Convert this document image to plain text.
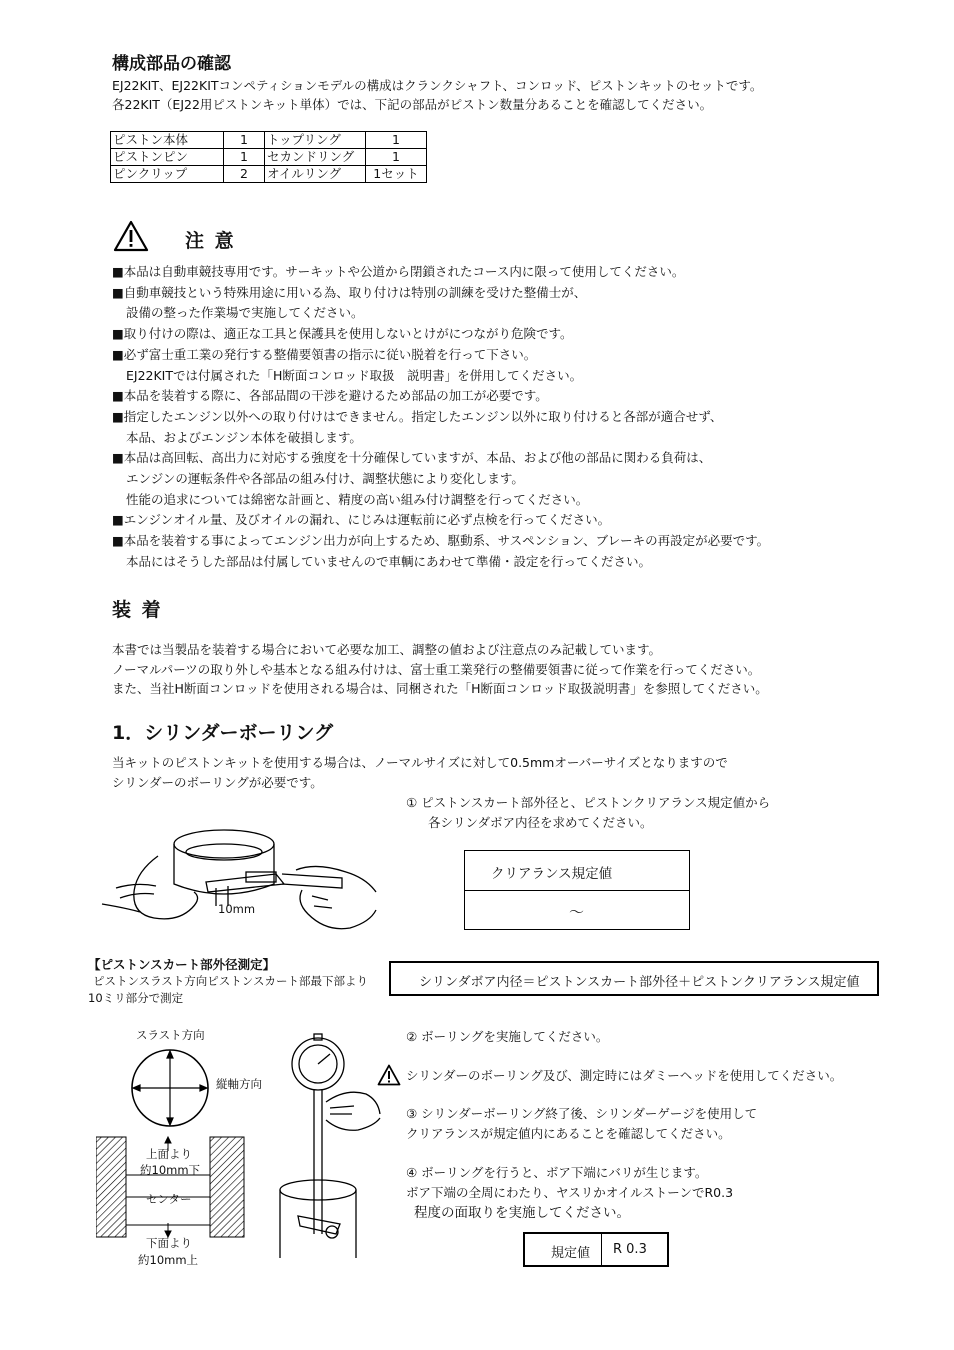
構成部品の確認
EJ22KIT、EJ22KITコンペティションモデルの構成はクランクシャフト、コンロッド、ピストンキットのセットです。
各22KIT（EJ22用ピストンキット単体）では、下記の部品がピストン数量分あることを確認してください。
ピストン本体	1	トップリング	1
ピストンピン	1	セカンドリング	1
ピンクリップ	2	オイルリング	1セット
注 意
■本品は自動車競技専用です。サーキットや公道から閉鎖されたコース内に限って使用してください。
■自動車競技という特殊用途に用いる為、取り付けは特別の訓練を受けた整備士が、
設備の整った作業場で実施してください。
■取り付けの際は、適正な工具と保護具を使用しないとけがにつながり危険です。
■必ず富士重工業の発行する整備要領書の指示に従い脱着を行って下さい。
EJ22KITでは付属された「H断面コンロッド取扱　説明書」を併用してください。
■本品を装着する際に、各部品間の干渉を避けるため部品の加工が必要です。
■指定したエンジン以外への取り付けはできません。指定したエンジン以外に取り付けると各部が適合せず、
本品、およびエンジン本体を破損します。
■本品は高回転、高出力に対応する強度を十分確保していますが、本品、および他の部品に関わる負荷は、
エンジンの運転条件や各部品の組み付け、調整状態により変化します。
性能の追求については綿密な計画と、精度の高い組み付け調整を行ってください。
■エンジンオイル量、及びオイルの漏れ、にじみは運転前に必ず点検を行ってください。
■本品を装着する事によってエンジン出力が向上するため、駆動系、サスペンション、ブレーキの再設定が必要です。
本品にはそうした部品は付属していませんので車輌にあわせて準備・設定を行ってください。
装 着
本書では当製品を装着する場合において必要な加工、調整の値および注意点のみ記載しています。
ノーマルパーツの取り外しや基本となる組み付けは、富士重工業発行の整備要領書に従って作業を行ってください。
また、当社H断面コンロッドを使用される場合は、同梱された「H断面コンロッド取扱説明書」を参照してください。
1．シリンダーボーリング
当キットのピストンキットを使用する場合は、ノーマルサイズに対して0.5mmオーバーサイズとなりますので
シリンダーのボーリングが必要です。
① ピストンスカート部外径と、ピストンクリアランス規定値から
各シリンダボア内径を求めてください。
クリアランス規定値
～
10mm
【ピストンスカート部外径測定】
ピストンスラスト方向ピストンスカート部最下部より
10ミリ部分で測定
シリンダボア内径＝ピストンスカート部外径＋ピストンクリアランス規定値
スラスト方向
縦軸方向
上面より
約10mm下
センター
下面より
約10mm上
② ボーリングを実施してください。
シリンダーのボーリング及び、測定時にはダミーヘッドを使用してください。
③ シリンダーボーリング終了後、シリンダーゲージを使用して
クリアランスが規定値内にあることを確認してください。
④ ボーリングを行うと、ボア下端にバリが生じます。
ボア下端の全周にわたり、ヤスリかオイルストーンでR0.3
程度の面取りを実施してください。
規定値 R 0.3
